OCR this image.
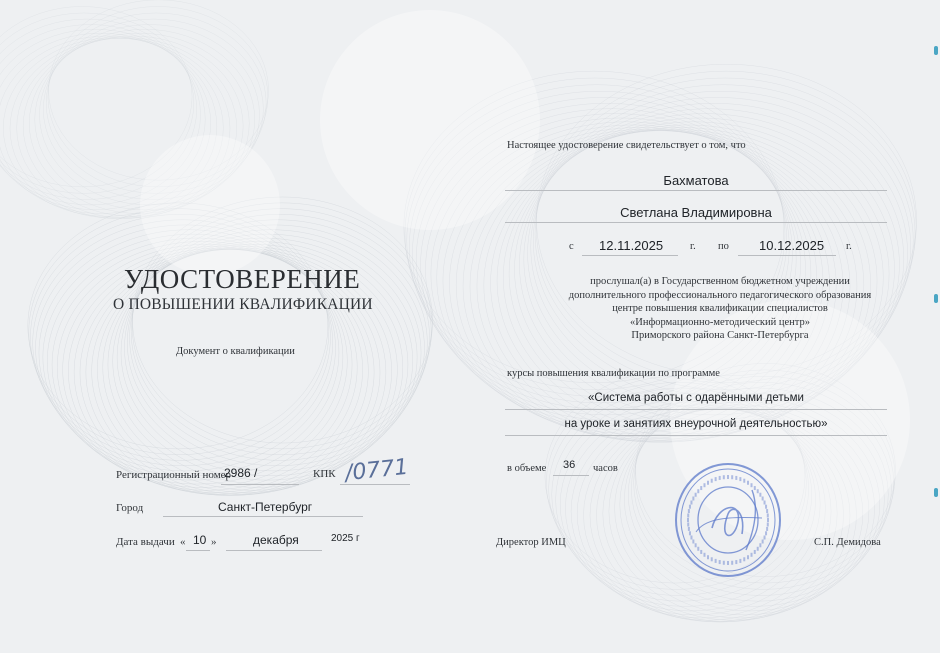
УДОСТОВЕРЕНИЕ
О ПОВЫШЕНИИ КВАЛИФИКАЦИИ
Документ о квалификации
Регистрационный номер
2986 /	КПК /0771
Город	Санкт-Петербург
Дата выдачи « 10 »	декабря	2025 г
Настоящее удостоверение свидетельствует о том, что
Бахматова
Светлана Владимировна
с 12.11.2025	г. по 10.12.2025 г.
прослушал(а) в Государственном бюджетном учреждении
дополнительного профессионального педагогического образования
центре повышения квалификации специалистов
«Информационно-методический центр»
Приморского района Санкт-Петербурга
курсы повышения квалификации по программе
«Система работы с одарёнными детьми
на уроке и занятиях внеурочной деятельностью»
в объеме 36 часов
Директор ИМЦ	С.П. Демидова
